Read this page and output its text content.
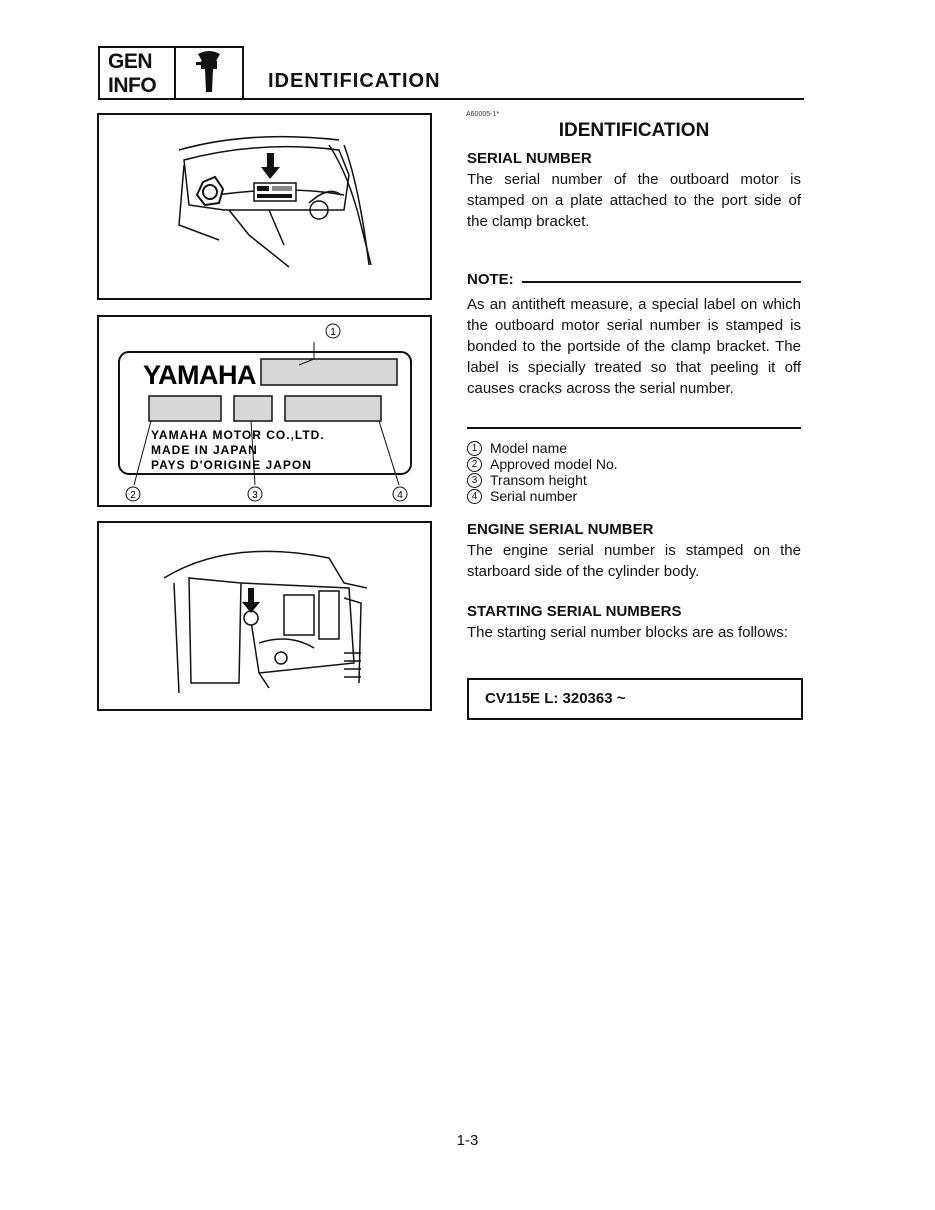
GEN
INFO	IDENTIFICATION
1
2	3	4
YAMAHA
YAMAHA MOTOR CO.,LTD.
MADE IN JAPAN
PAYS D'ORIGINE JAPON
A60005-1*
IDENTIFICATION
SERIAL NUMBER
The serial number of the outboard motor is stamped on a plate attached to the port side of the clamp bracket.
NOTE:
As an antitheft measure, a special label on which the outboard motor serial number is stamped is bonded to the portside of the clamp bracket. The label is specially treated so that peeling it off causes cracks across the serial number.
1 Model name
2 Approved model No.
3 Transom height
4 Serial number
ENGINE SERIAL NUMBER
The engine serial number is stamped on the starboard side of the cylinder body.
STARTING SERIAL NUMBERS
The starting serial number blocks are as follows:
CV115E L: 320363 ~
1-3
